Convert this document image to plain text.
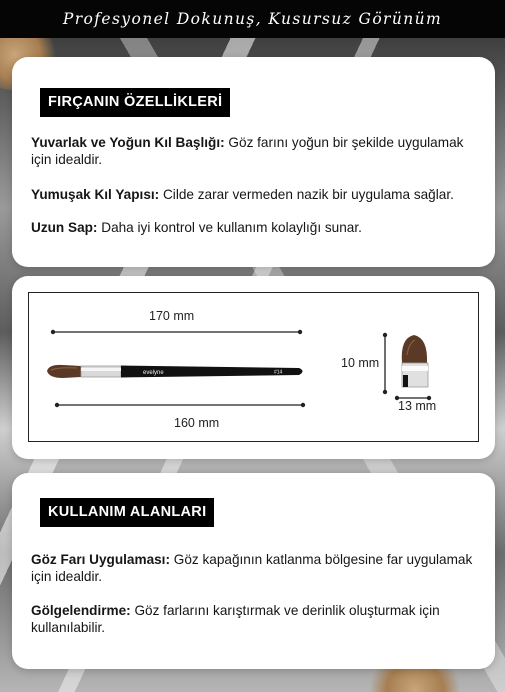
Profesyonel Dokunuş, Kusursuz Görünüm
FIRÇANIN ÖZELLİKLERİ

Yuvarlak ve Yoğun Kıl Başlığı: Göz farını yoğun bir şekilde uygulamak için idealdir.

Yumuşak Kıl Yapısı: Cilde zarar vermeden nazik bir uygulama sağlar.

Uzun Sap: Daha iyi kontrol ve kullanım kolaylığı sunar.

evelyne	#14
170 mm
160 mm
10 mm
13 mm
KULLANIM ALANLARI

Göz Farı Uygulaması: Göz kapağının katlanma bölgesine far uygulamak için idealdir.

Gölgelendirme: Göz farlarını karıştırmak ve derinlik oluşturmak için kullanılabilir.
